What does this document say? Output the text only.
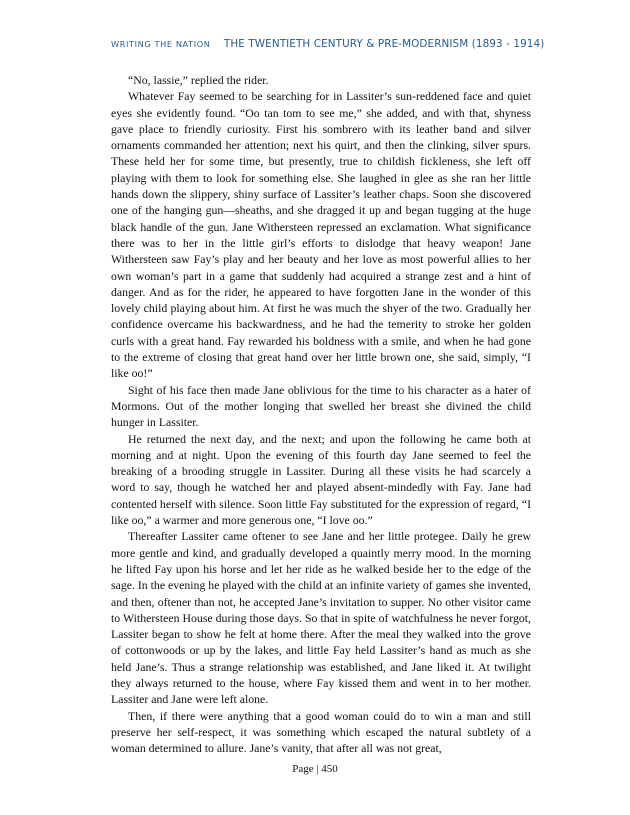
WRITING THE NATION THE TWENTIETH CENTURY & PRE-MODERNISM (1893 - 1914)

“No, lassie,” replied the rider.

Whatever Fay seemed to be searching for in Lassiter’s sun-reddened face and quiet eyes she evidently found. “Oo tan tom to see me,” she added, and with that, shyness gave place to friendly curiosity. First his sombrero with its leather band and silver ornaments commanded her attention; next his quirt, and then the clinking, silver spurs. These held her for some time, but presently, true to childish fickleness, she left off playing with them to look for something else. She laughed in glee as she ran her little hands down the slippery, shiny surface of Lassiter’s leather chaps. Soon she discovered one of the hanging gun—sheaths, and she dragged it up and began tugging at the huge black handle of the gun. Jane Withersteen repressed an exclamation. What significance there was to her in the little girl’s efforts to dislodge that heavy weapon! Jane Withersteen saw Fay’s play and her beauty and her love as most powerful allies to her own woman’s part in a game that suddenly had acquired a strange zest and a hint of danger. And as for the rider, he appeared to have forgotten Jane in the wonder of this lovely child playing about him. At first he was much the shyer of the two. Gradually her confidence overcame his backwardness, and he had the temerity to stroke her golden curls with a great hand. Fay rewarded his boldness with a smile, and when he had gone to the extreme of closing that great hand over her little brown one, she said, simply, “I like oo!”

Sight of his face then made Jane oblivious for the time to his character as a hater of Mormons. Out of the mother longing that swelled her breast she divined the child hunger in Lassiter.

He returned the next day, and the next; and upon the following he came both at morning and at night. Upon the evening of this fourth day Jane seemed to feel the breaking of a brooding struggle in Lassiter. During all these visits he had scarcely a word to say, though he watched her and played absent-mindedly with Fay. Jane had contented herself with silence. Soon little Fay substituted for the expression of regard, “I like oo,” a warmer and more generous one, “I love oo.”

Thereafter Lassiter came oftener to see Jane and her little protegee. Daily he grew more gentle and kind, and gradually developed a quaintly merry mood. In the morning he lifted Fay upon his horse and let her ride as he walked beside her to the edge of the sage. In the evening he played with the child at an infinite variety of games she invented, and then, oftener than not, he accepted Jane’s invitation to supper. No other visitor came to Withersteen House during those days. So that in spite of watchfulness he never forgot, Lassiter began to show he felt at home there. After the meal they walked into the grove of cottonwoods or up by the lakes, and little Fay held Lassiter’s hand as much as she held Jane’s. Thus a strange relationship was established, and Jane liked it. At twilight they always returned to the house, where Fay kissed them and went in to her mother. Lassiter and Jane were left alone.

Then, if there were anything that a good woman could do to win a man and still preserve her self-respect, it was something which escaped the natural subtlety of a woman determined to allure. Jane’s vanity, that after all was not great,

Page | 450
